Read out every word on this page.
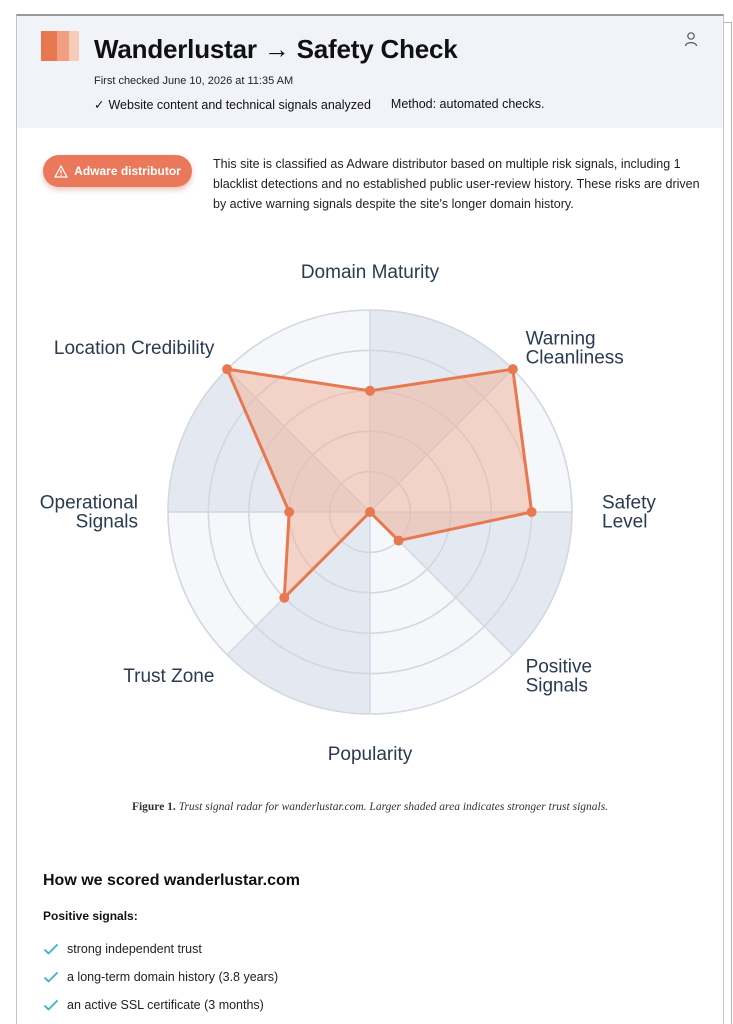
Wanderlustar → Safety Check
First checked June 10, 2026 at 11:35 AM
✓ Website content and technical signals analyzed Method: automated checks.
Adware distributor	This site is classified as Adware distributor based on multiple risk signals, including 1 blacklist detections and no established public user-review history. These risks are driven by active warning signals despite the site's longer domain history.

Domain Maturity
Warning Cleanliness
Safety Level
Positive Signals
Popularity
Trust Zone
Operational Signals
Location Credibility

Figure 1. Trust signal radar for wanderlustar.com. Larger shaded area indicates stronger trust signals.

How we scored wanderlustar.com
Positive signals:
strong independent trust
a long-term domain history (3.8 years)
an active SSL certificate (3 months)
